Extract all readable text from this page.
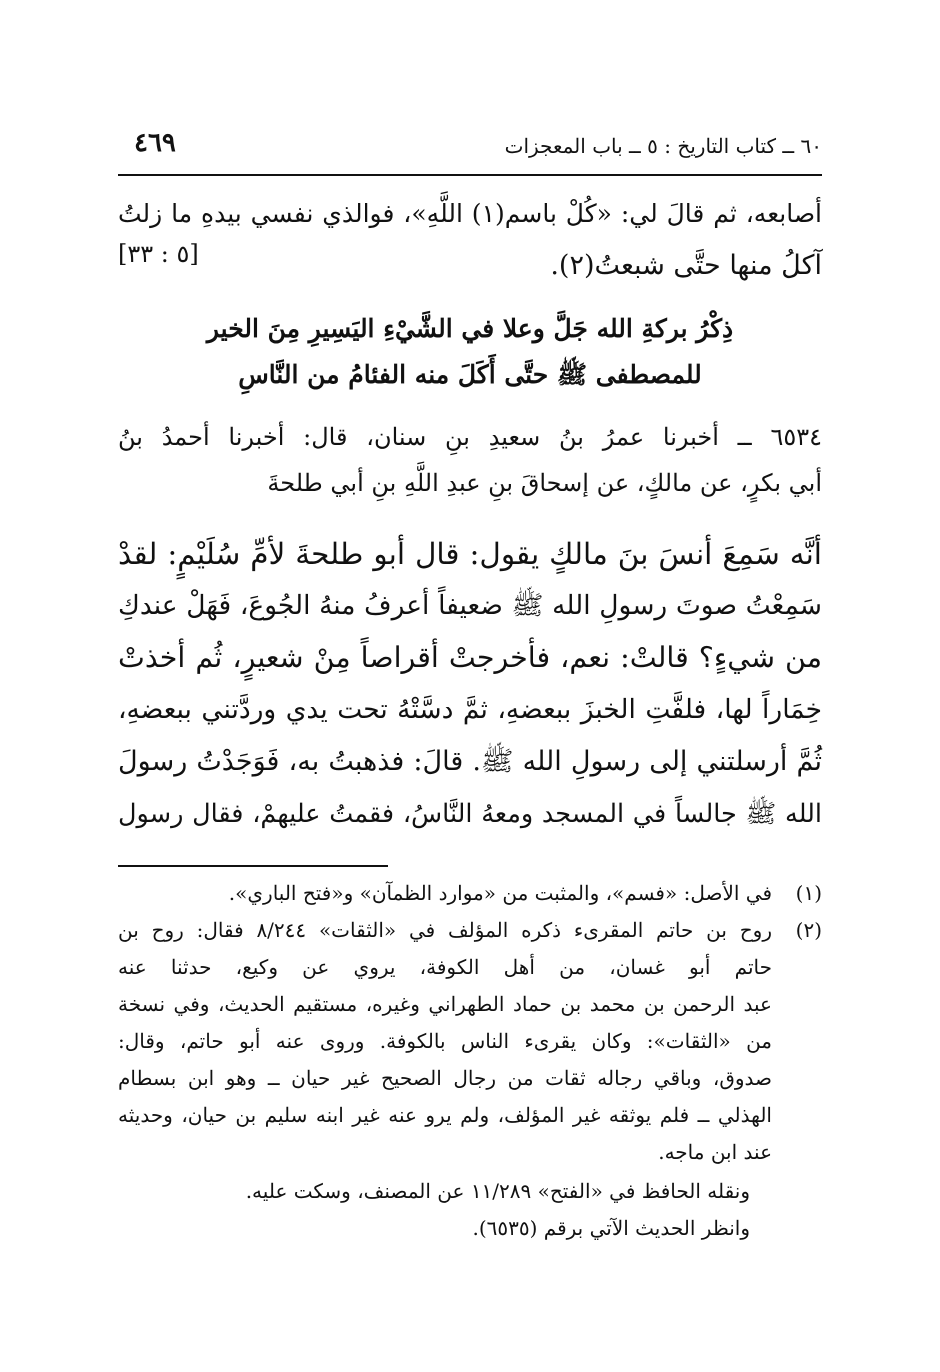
٦٠ ــ كتاب التاريخ : ٥ ــ باب المعجزات
٤٦٩
أصابعه، ثم قالَ لي: «كُلْ باسم(١) اللَّهِ»، فوالذي نفسي بيدهِ ما زلتُ
آكلُ منها حتَّى شبعتُ(٢).
[٥ : ٣٣]
ذِكْرُ بركةِ الله جَلَّ وعلا في الشَّيْءِ اليَسِيرِ مِنَ الخير
للمصطفى ﷺ حتَّى أَكَلَ منه الفئامُ من النَّاسِ
٦٥٣٤ ــ أخبرنا عمرُ بنُ سعيدِ بنِ سنان، قال: أخبرنا أحمدُ بنُ
أبي بكرٍ، عن مالكٍ، عن إسحاقَ بنِ عبدِ اللَّهِ بنِ أبي طلحةَ
أنَّه سَمِعَ أنسَ بنَ مالكٍ يقول: قال أبو طلحةَ لأمِّ سُلَيْمٍ: لقدْ
سَمِعْتُ صوتَ رسولِ الله ﷺ ضعيفاً أعرفُ منهُ الجُوعَ، فَهَلْ عندكِ
من شيءٍ؟ قالتْ: نعم، فأخرجتْ أقراصاً مِنْ شعيرٍ، ثُم أخذتْ
خِمَاراً لها، فلفَّتِ الخبزَ ببعضهِ، ثمَّ دسَّتْهُ تحت يدي وردَّتني ببعضهِ،
ثُمَّ أرسلتني إلى رسولِ الله ﷺ. قالَ: فذهبتُ به، فَوَجَدْتُ رسولَ
الله ﷺ جالساً في المسجد ومعهُ النَّاسُ، فقمتُ عليهمْ، فقال رسول
(١)
في الأصل: «فسم»، والمثبت من «موارد الظمآن» و«فتح الباري».
(٢)
روح بن حاتم المقرىء ذكره المؤلف في «الثقات» ٨/٢٤٤ فقال: روح بن
حاتم أبو غسان، من أهل الكوفة، يروي عن وكيع، حدثنا عنه
عبد الرحمن بن محمد بن حماد الطهراني وغيره، مستقيم الحديث، وفي نسخة
من «الثقات»: وكان يقرىء الناس بالكوفة. وروى عنه أبو حاتم، وقال:
صدوق، وباقي رجاله ثقات من رجال الصحيح غير حيان ــ وهو ابن بسطام
الهذلي ــ فلم يوثقه غير المؤلف، ولم يرو عنه غير ابنه سليم بن حيان، وحديثه
عند ابن ماجه.
ونقله الحافظ في «الفتح» ١١/٢٨٩ عن المصنف، وسكت عليه.
وانظر الحديث الآتي برقم (٦٥٣٥).
